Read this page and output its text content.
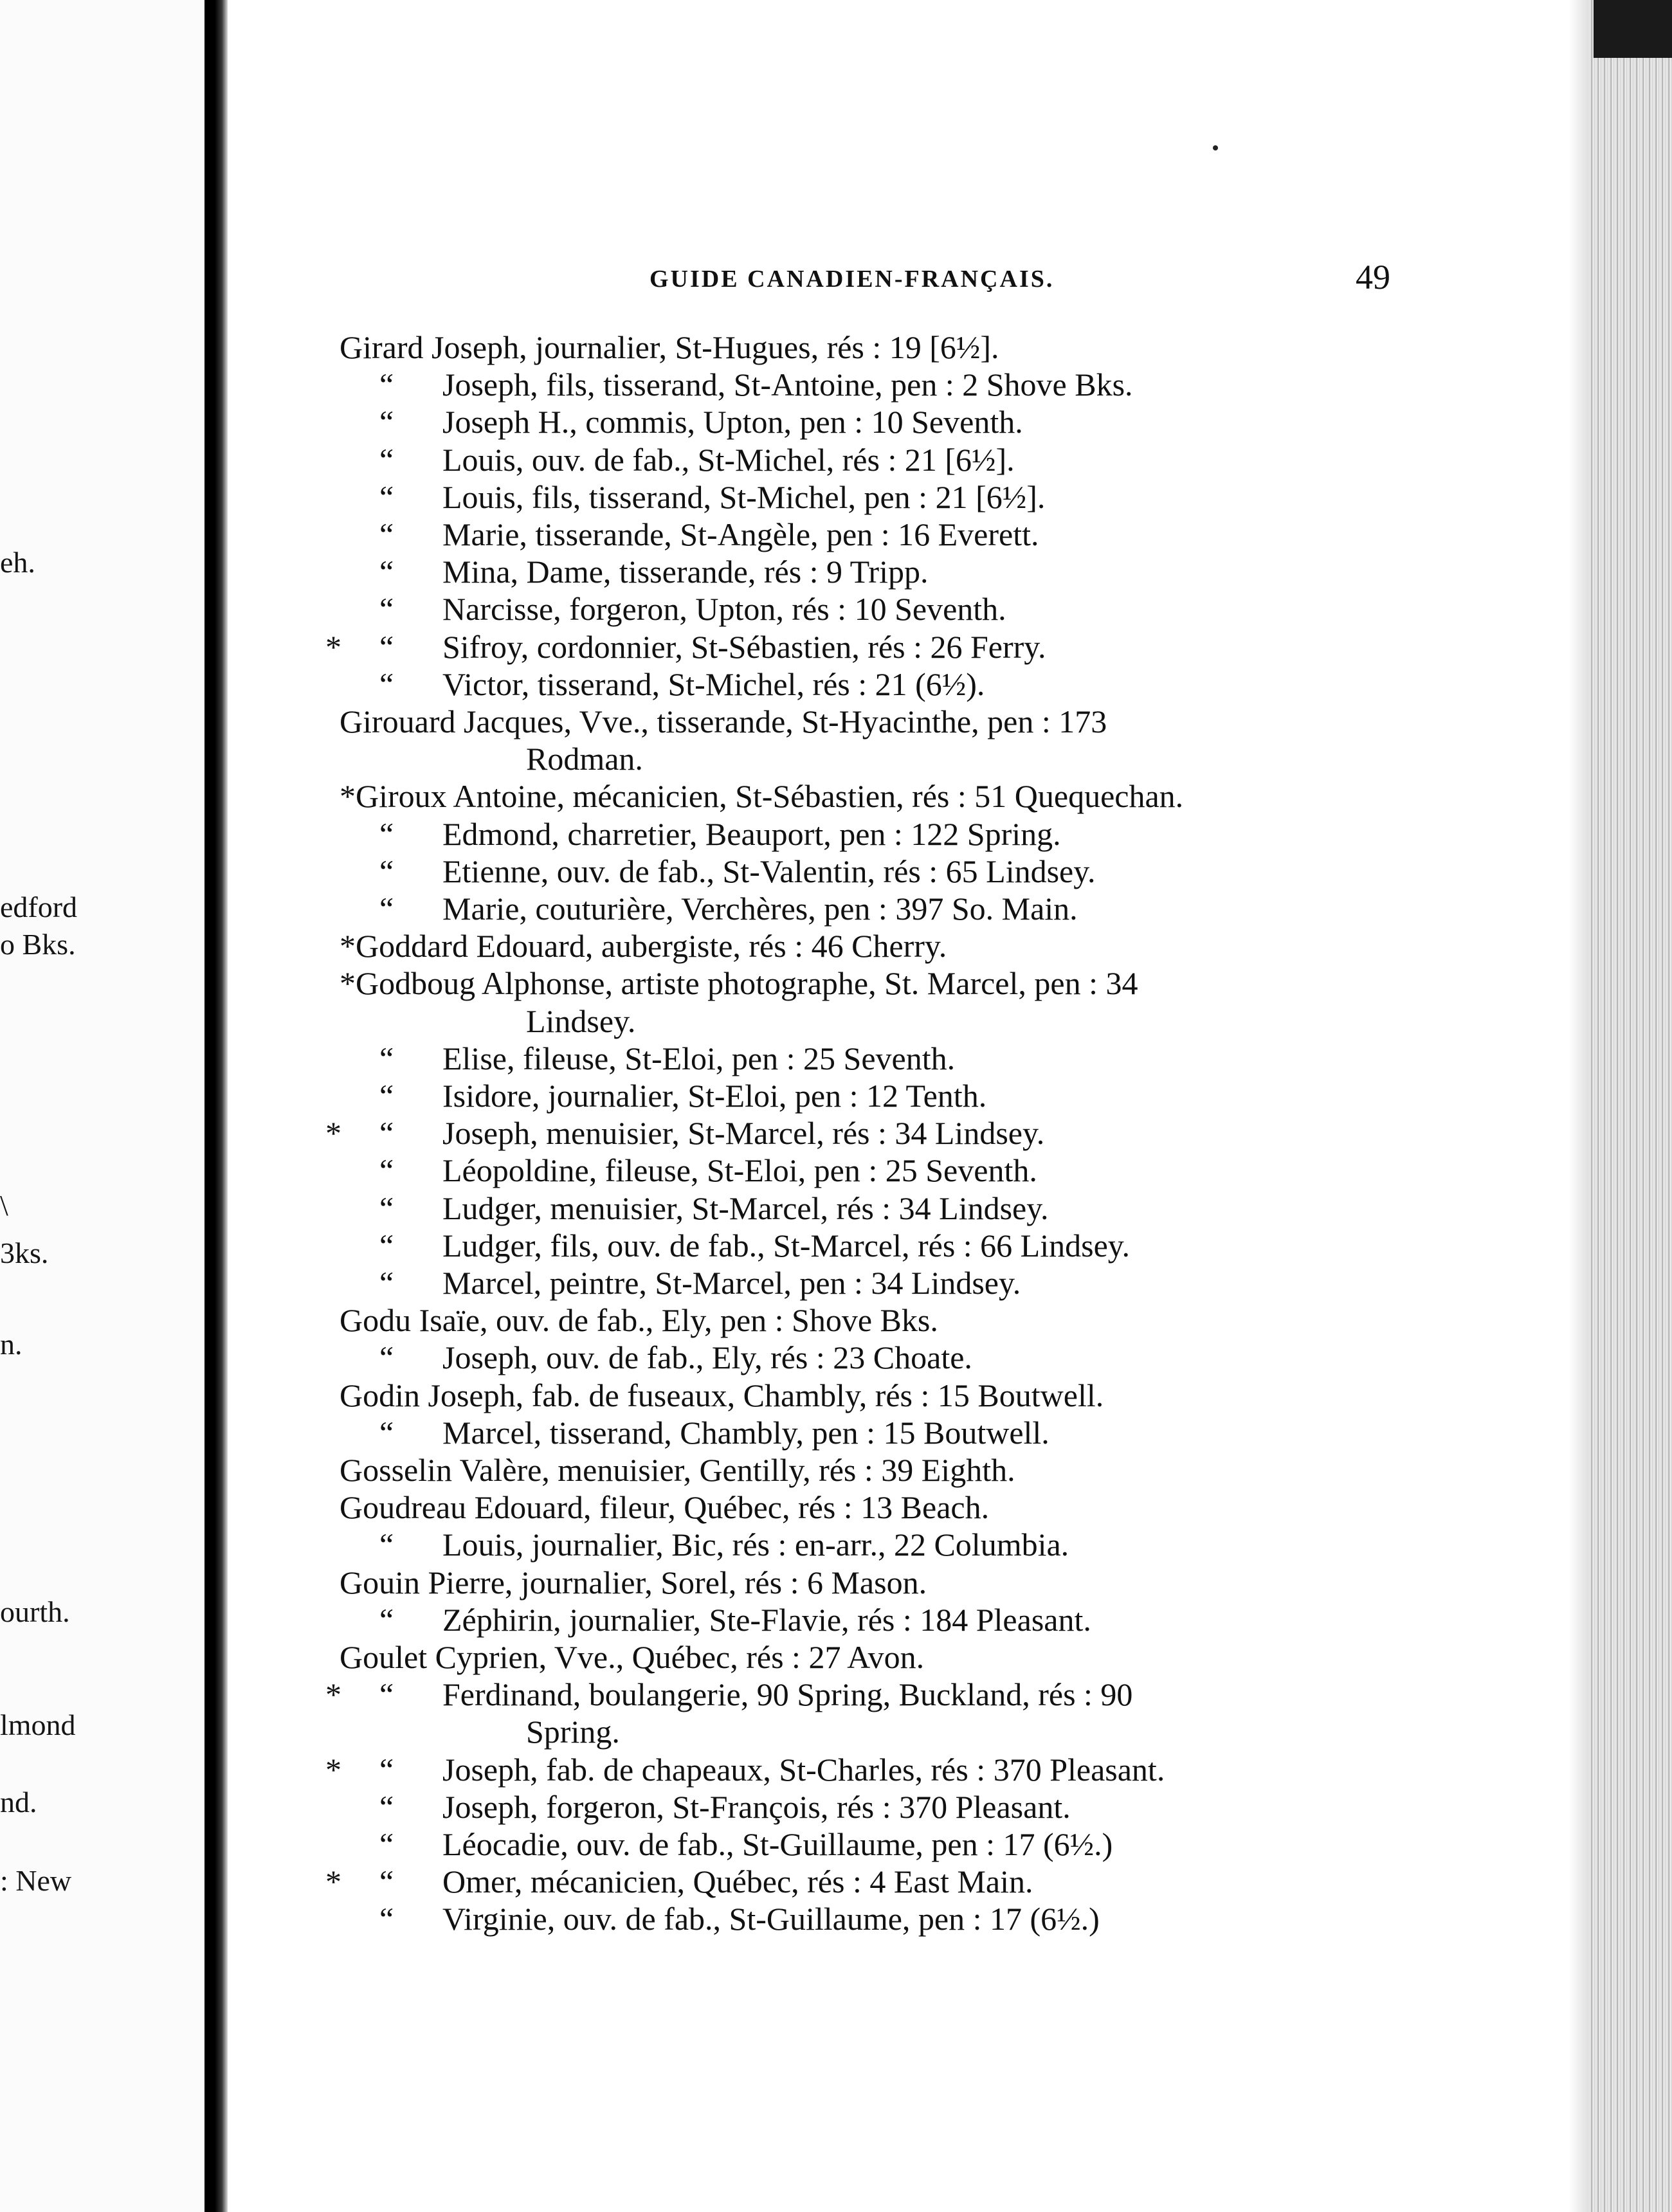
eh.
edford
o Bks.
\
3ks.
n.
ourth.
lmond
nd.
: New
GUIDE CANADIEN-FRANÇAIS.	49
Girard Joseph, journalier, St-Hugues, rés : 19 [6½].
“ Joseph, fils, tisserand, St-Antoine, pen : 2 Shove Bks.
“ Joseph H., commis, Upton, pen : 10 Seventh.
“ Louis, ouv. de fab., St-Michel, rés : 21 [6½].
“ Louis, fils, tisserand, St-Michel, pen : 21 [6½].
“ Marie, tisserande, St-Angèle, pen : 16 Everett.
“ Mina, Dame, tisserande, rés : 9 Tripp.
“ Narcisse, forgeron, Upton, rés : 10 Seventh.
* “ Sifroy, cordonnier, St-Sébastien, rés : 26 Ferry.
“ Victor, tisserand, St-Michel, rés : 21 (6½).
Girouard Jacques, Vve., tisserande, St-Hyacinthe, pen : 173
Rodman.
*Giroux Antoine, mécanicien, St-Sébastien, rés : 51 Quequechan.
“ Edmond, charretier, Beauport, pen : 122 Spring.
“ Etienne, ouv. de fab., St-Valentin, rés : 65 Lindsey.
“ Marie, couturière, Verchères, pen : 397 So. Main.
*Goddard Edouard, aubergiste, rés : 46 Cherry.
*Godboug Alphonse, artiste photographe, St. Marcel, pen : 34
Lindsey.
“ Elise, fileuse, St-Eloi, pen : 25 Seventh.
“ Isidore, journalier, St-Eloi, pen : 12 Tenth.
* “ Joseph, menuisier, St-Marcel, rés : 34 Lindsey.
“ Léopoldine, fileuse, St-Eloi, pen : 25 Seventh.
“ Ludger, menuisier, St-Marcel, rés : 34 Lindsey.
“ Ludger, fils, ouv. de fab., St-Marcel, rés : 66 Lindsey.
“ Marcel, peintre, St-Marcel, pen : 34 Lindsey.
Godu Isaïe, ouv. de fab., Ely, pen : Shove Bks.
“ Joseph, ouv. de fab., Ely, rés : 23 Choate.
Godin Joseph, fab. de fuseaux, Chambly, rés : 15 Boutwell.
“ Marcel, tisserand, Chambly, pen : 15 Boutwell.
Gosselin Valère, menuisier, Gentilly, rés : 39 Eighth.
Goudreau Edouard, fileur, Québec, rés : 13 Beach.
“ Louis, journalier, Bic, rés : en-arr., 22 Columbia.
Gouin Pierre, journalier, Sorel, rés : 6 Mason.
“ Zéphirin, journalier, Ste-Flavie, rés : 184 Pleasant.
Goulet Cyprien, Vve., Québec, rés : 27 Avon.
* “ Ferdinand, boulangerie, 90 Spring, Buckland, rés : 90
Spring.
* “ Joseph, fab. de chapeaux, St-Charles, rés : 370 Pleasant.
“ Joseph, forgeron, St-François, rés : 370 Pleasant.
“ Léocadie, ouv. de fab., St-Guillaume, pen : 17 (6½.)
* “ Omer, mécanicien, Québec, rés : 4 East Main.
“ Virginie, ouv. de fab., St-Guillaume, pen : 17 (6½.)
